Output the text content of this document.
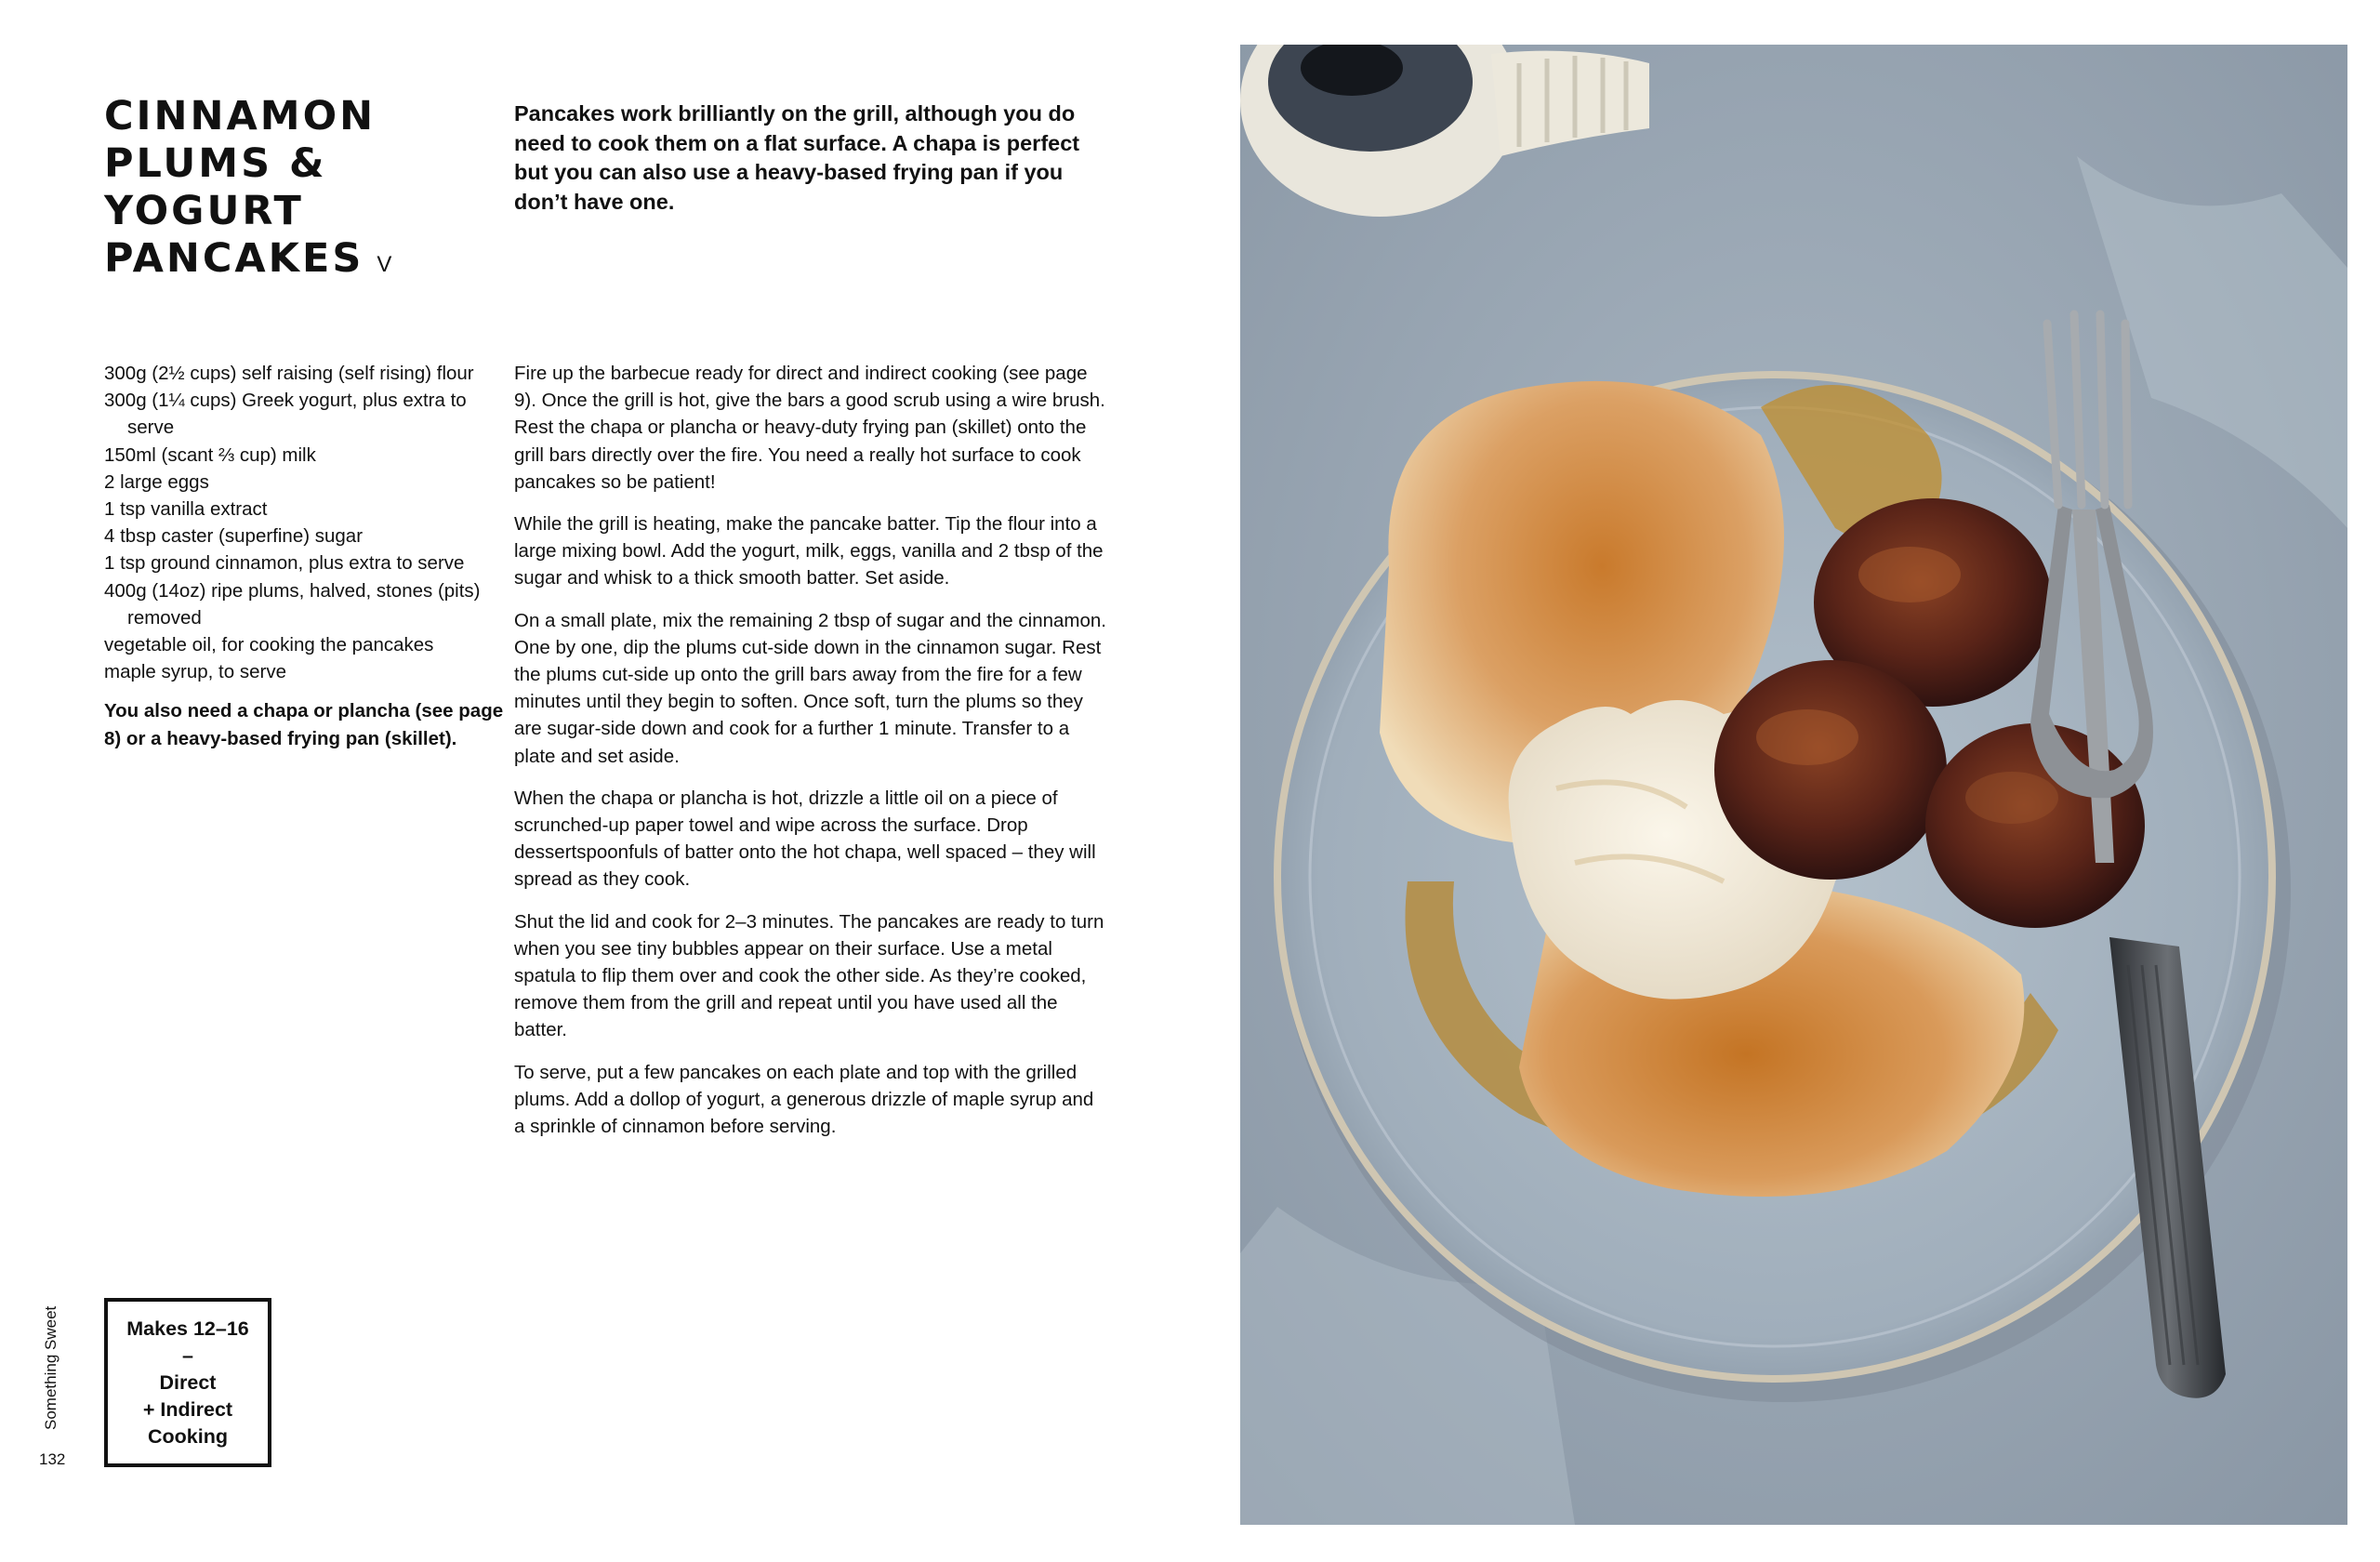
CINNAMON
PLUMS &
YOGURT
PANCAKES V

Pancakes work brilliantly on the grill, although you do need to cook them on a flat surface. A chapa is perfect but you can also use a heavy-based frying pan if you don’t have one.

300g (2½ cups) self raising (self rising) flour
300g (1¼ cups) Greek yogurt, plus extra to serve
150ml (scant ⅔ cup) milk
2 large eggs
1 tsp vanilla extract
4 tbsp caster (superfine) sugar
1 tsp ground cinnamon, plus extra to serve
400g (14oz) ripe plums, halved, stones (pits) removed
vegetable oil, for cooking the pancakes
maple syrup, to serve

You also need a chapa or plancha (see page 8) or a heavy-based frying pan (skillet).

Fire up the barbecue ready for direct and indirect cooking (see page 9). Once the grill is hot, give the bars a good scrub using a wire brush. Rest the chapa or plancha or heavy-duty frying pan (skillet) onto the grill bars directly over the fire. You need a really hot surface to cook pancakes so be patient!

While the grill is heating, make the pancake batter. Tip the flour into a large mixing bowl. Add the yogurt, milk, eggs, vanilla and 2 tbsp of the sugar and whisk to a thick smooth batter. Set aside.

On a small plate, mix the remaining 2 tbsp of sugar and the cinnamon. One by one, dip the plums cut-side down in the cinnamon sugar. Rest the plums cut-side up onto the grill bars away from the fire for a few minutes until they begin to soften. Once soft, turn the plums so they are sugar-side down and cook for a further 1 minute. Transfer to a plate and set aside.

When the chapa or plancha is hot, drizzle a little oil on a piece of scrunched-up paper towel and wipe across the surface. Drop dessertspoonfuls of batter onto the hot chapa, well spaced – they will spread as they cook.

Shut the lid and cook for 2–3 minutes. The pancakes are ready to turn when you see tiny bubbles appear on their surface. Use a metal spatula to flip them over and cook the other side. As they’re cooked, remove them from the grill and repeat until you have used all the batter.

To serve, put a few pancakes on each plate and top with the grilled plums. Add a dollop of yogurt, a generous drizzle of maple syrup and a sprinkle of cinnamon before serving.

Something Sweet
132
Makes 12–16
–
Direct
+ Indirect
Cooking
